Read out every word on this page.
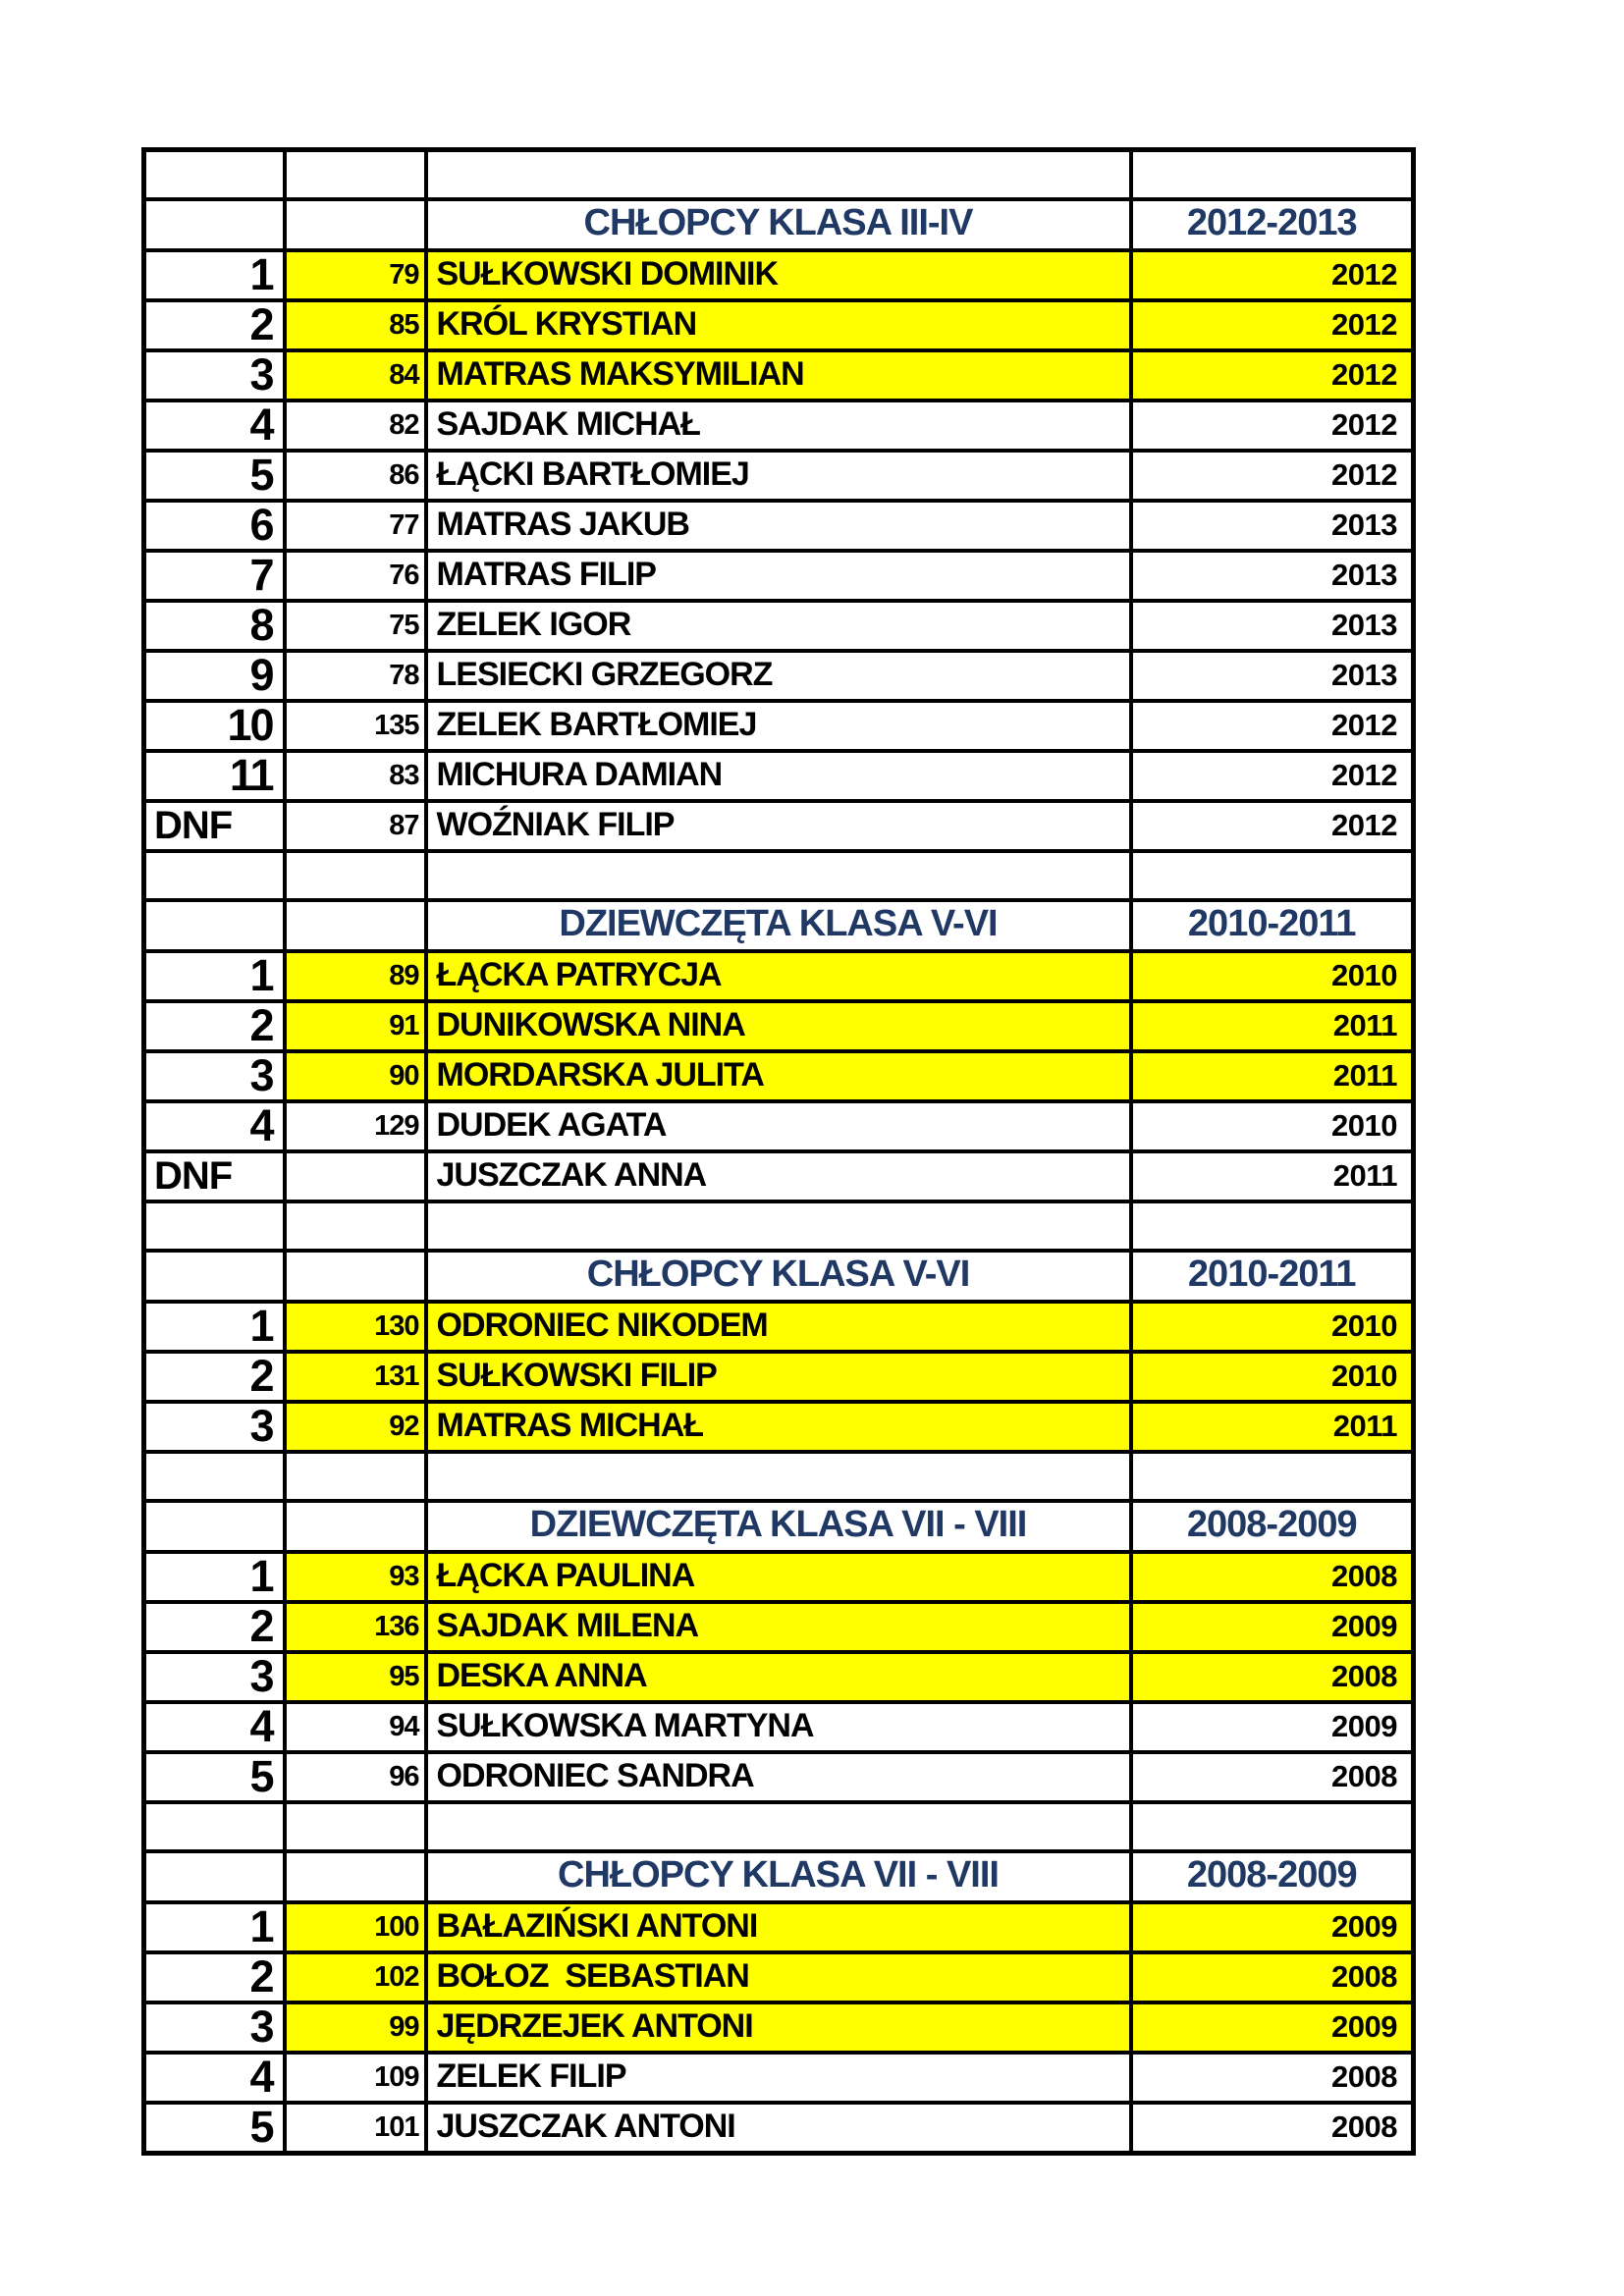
		CHŁOPCY KLASA III-IV	2012-2013
1	79	SUŁKOWSKI DOMINIK	2012
2	85	KRÓL KRYSTIAN	2012
3	84	MATRAS MAKSYMILIAN	2012
4	82	SAJDAK MICHAŁ	2012
5	86	ŁĄCKI BARTŁOMIEJ	2012
6	77	MATRAS JAKUB	2013
7	76	MATRAS FILIP	2013
8	75	ZELEK IGOR	2013
9	78	LESIECKI GRZEGORZ	2013
10	135	ZELEK BARTŁOMIEJ	2012
11	83	MICHURA DAMIAN	2012
DNF	87	WOŹNIAK FILIP	2012

		DZIEWCZĘTA KLASA V-VI	2010-2011
1	89	ŁĄCKA PATRYCJA	2010
2	91	DUNIKOWSKA NINA	2011
3	90	MORDARSKA JULITA	2011
4	129	DUDEK AGATA	2010
DNF		JUSZCZAK ANNA	2011

		CHŁOPCY KLASA V-VI	2010-2011
1	130	ODRONIEC NIKODEM	2010
2	131	SUŁKOWSKI FILIP	2010
3	92	MATRAS MICHAŁ	2011

		DZIEWCZĘTA KLASA VII - VIII	2008-2009
1	93	ŁĄCKA PAULINA	2008
2	136	SAJDAK MILENA	2009
3	95	DESKA ANNA	2008
4	94	SUŁKOWSKA MARTYNA	2009
5	96	ODRONIEC SANDRA	2008

		CHŁOPCY KLASA VII - VIII	2008-2009
1	100	BAŁAZIŃSKI ANTONI	2009
2	102	BOŁOZ  SEBASTIAN	2008
3	99	JĘDRZEJEK ANTONI	2009
4	109	ZELEK FILIP	2008
5	101	JUSZCZAK ANTONI	2008
